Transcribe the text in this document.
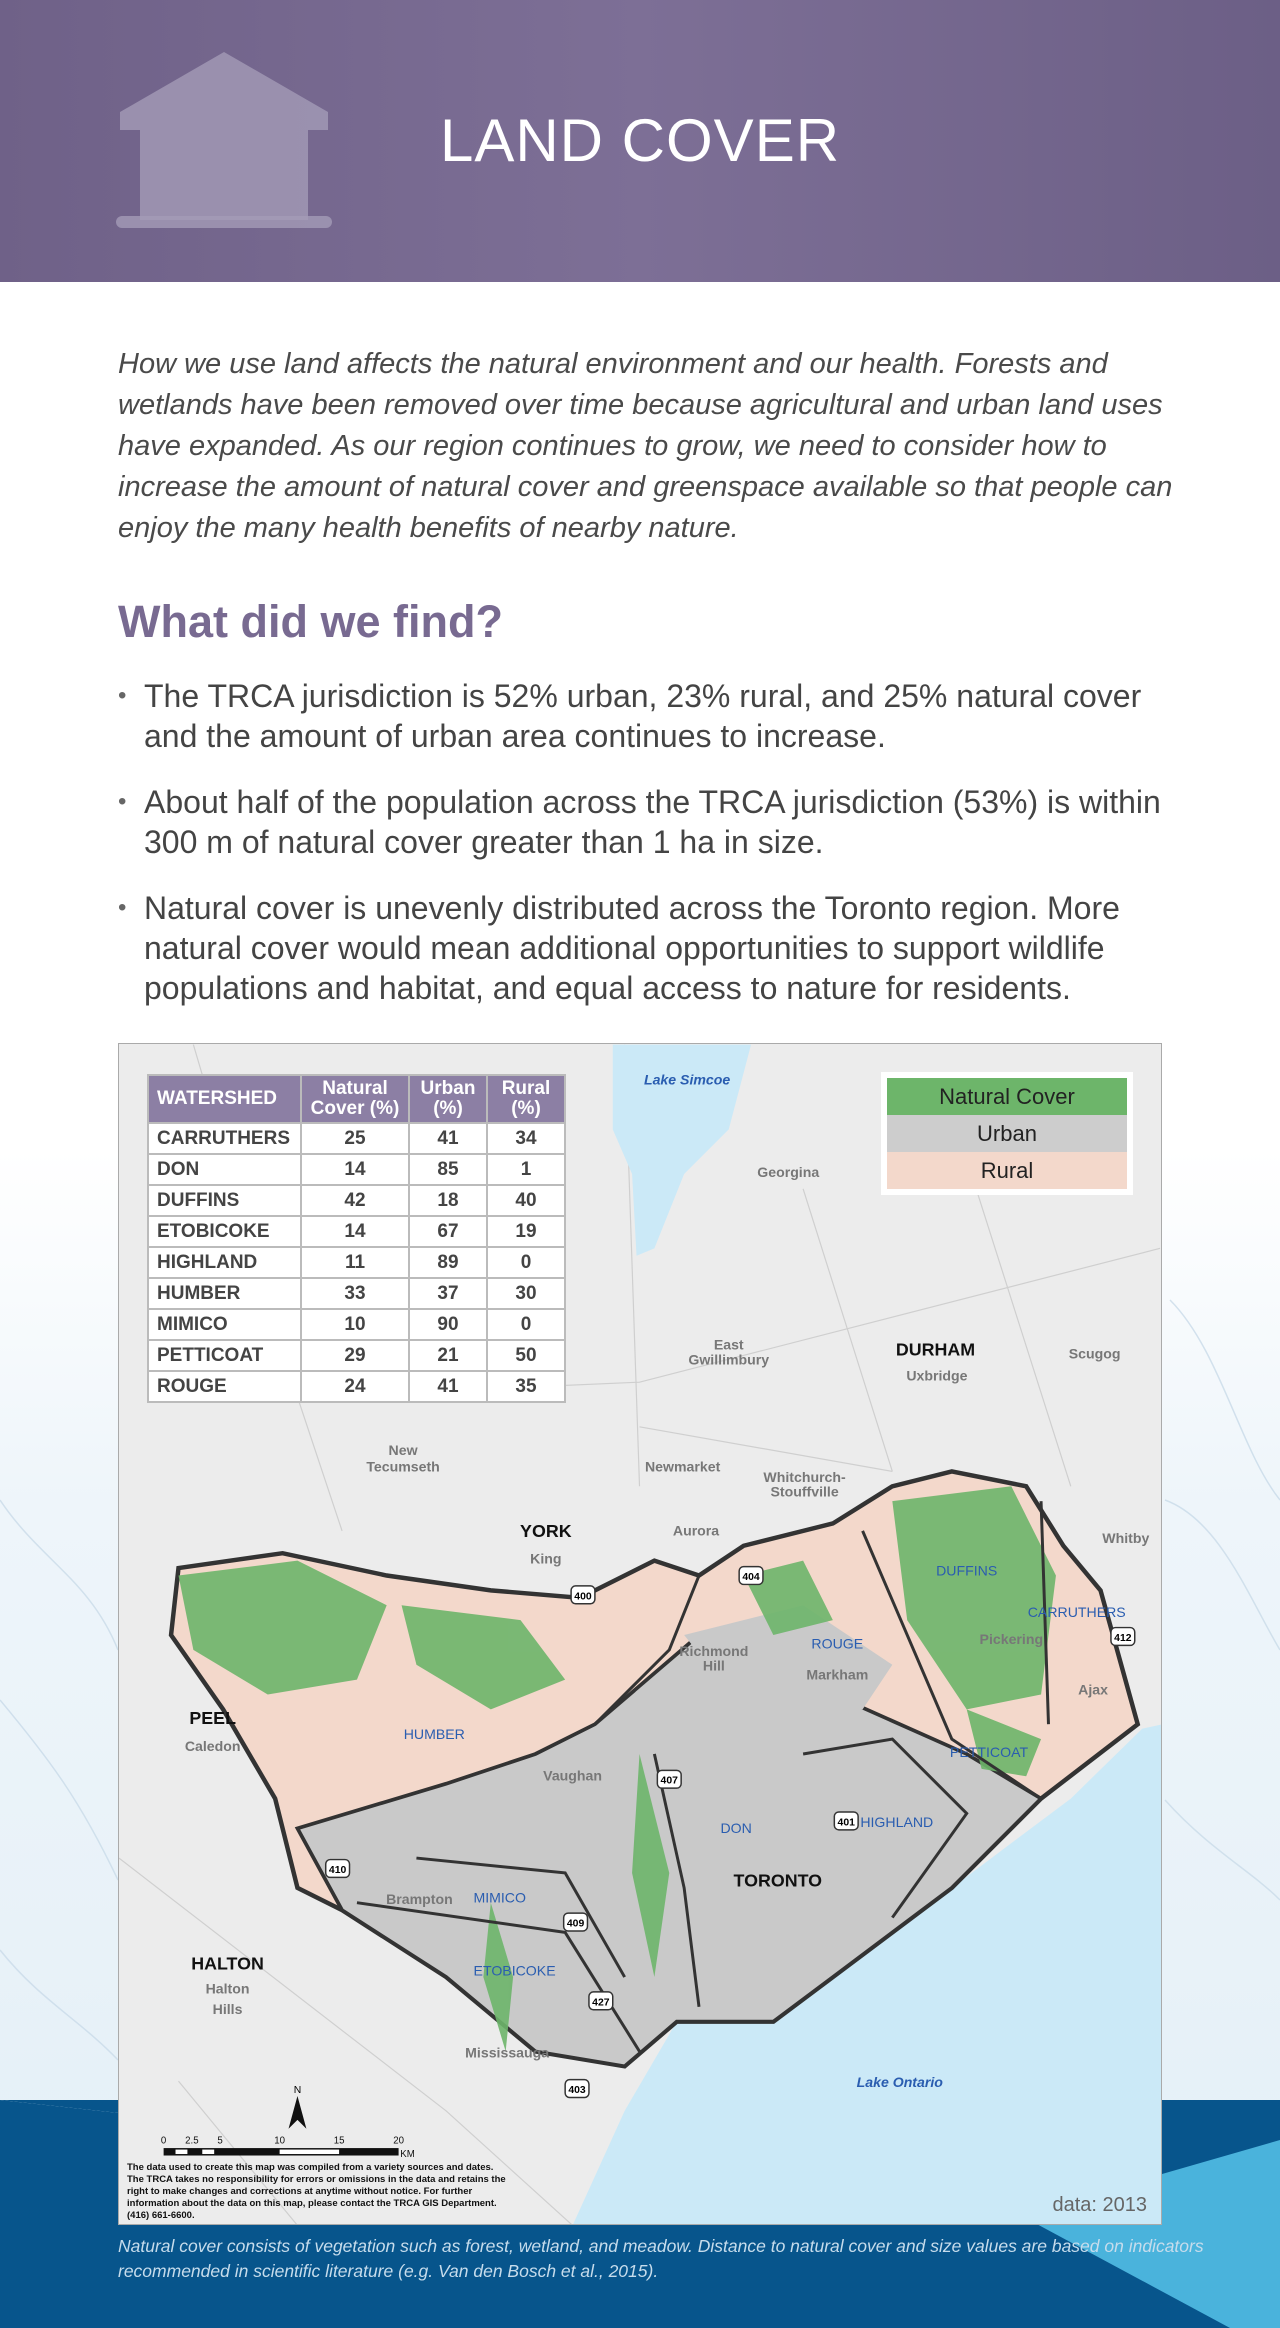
LAND COVER

How we use land affects the natural environment and our health. Forests and wetlands have been removed over time because agricultural and urban land uses have expanded. As our region continues to grow, we need to consider how to increase the amount of natural cover and greenspace available so that people can enjoy the many health benefits of nearby nature.

What did we find?
• The TRCA jurisdiction is 52% urban, 23% rural, and 25% natural cover and the amount of urban area continues to increase.
• About half of the population across the TRCA jurisdiction (53%) is within 300 m of natural cover greater than 1 ha in size.
• Natural cover is unevenly distributed across the Toronto region. More natural cover would mean additional opportunities to support wildlife populations and habitat, and equal access to nature for residents.
Georgina
East
Gwillimbury
Uxbridge
Scugog
New
Tecumseth	Newmarket
Whitchurch-
Stouffville
King
Aurora	Whitby
Caledon
Vaughan
Richmond
Hill
Markham
Pickering
Ajax
Brampton
Halton
Hills
Mississauga
DURHAM
YORK
PEEL
HALTON
TORONTO
HUMBER
ROUGE
DUFFINS
CARRUTHERS
PETTICOAT
HIGHLAND
DON
MIMICO
ETOBICOKE
Lake Simcoe
Lake Ontario
400
404
412
407
401
410
409
427
403
N
0	2.5	5	10	15	20
KM
WATERSHED	Natural Cover (%)	Urban (%)	Rural (%)
CARRUTHERS	25	41	34
DON	14	85	1
DUFFINS	42	18	40
ETOBICOKE	14	67	19
HIGHLAND	11	89	0
HUMBER	33	37	30
MIMICO	10	90	0
PETTICOAT	29	21	50
ROUGE	24	41	35
Natural Cover
Urban
Rural
The data used to create this map was compiled from a variety sources and dates. The TRCA takes no responsibility for errors or omissions in the data and retains the right to make changes and corrections at anytime without notice. For further information about the data on this map, please contact the TRCA GIS Department. (416) 661-6600.	data: 2013

Natural cover consists of vegetation such as forest, wetland, and meadow. Distance to natural cover and size values are based on indicators recommended in scientific literature (e.g. Van den Bosch et al., 2015).
